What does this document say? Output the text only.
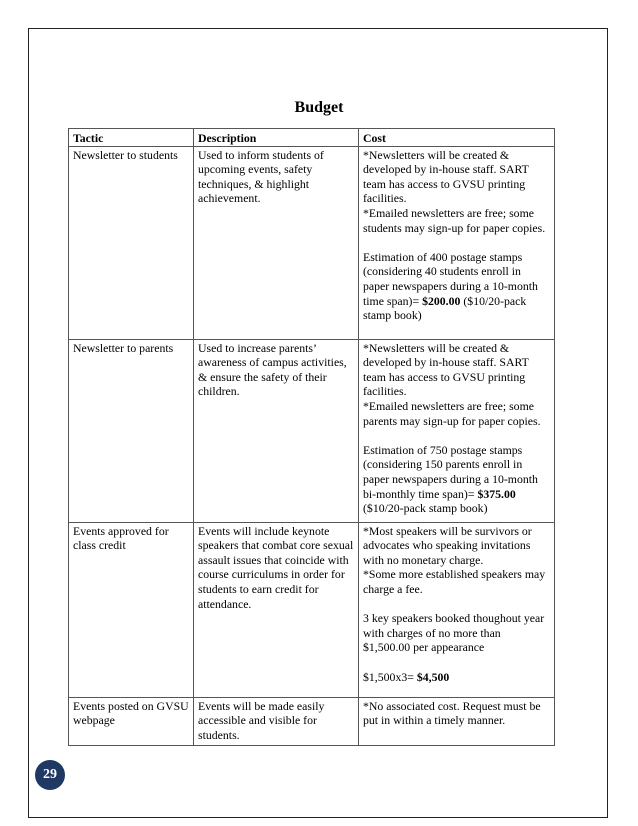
Budget
Tactic	Description	Cost
Newsletter to students	Used to inform students of upcoming events, safety techniques, & highlight achievement.	*Newsletters will be created & developed by in-house staff. SART team has access to GVSU printing facilities.
*Emailed newsletters are free; some students may sign-up for paper copies.
Estimation of 400 postage stamps (considering 40 students enroll in paper newspapers during a 10-month time span)= $200.00 ($10/20-pack stamp book)
Newsletter to parents	Used to increase parents’ awareness of campus activities, & ensure the safety of their children.	*Newsletters will be created & developed by in-house staff. SART team has access to GVSU printing facilities.
*Emailed newsletters are free; some parents may sign-up for paper copies.
Estimation of 750 postage stamps (considering 150 parents enroll in paper newspapers during a 10-month bi-monthly time span)= $375.00 ($10/20-pack stamp book)
Events approved for class credit	Events will include keynote speakers that combat core sexual assault issues that coincide with course curriculums in order for students to earn credit for attendance.	*Most speakers will be survivors or advocates who speaking invitations with no monetary charge.
*Some more established speakers may charge a fee.
3 key speakers booked thoughout year with charges of no more than $1,500.00 per appearance
$1,500x3= $4,500
Events posted on GVSU webpage	Events will be made easily accessible and visible for students.	*No associated cost. Request must be put in within a timely manner.
29
